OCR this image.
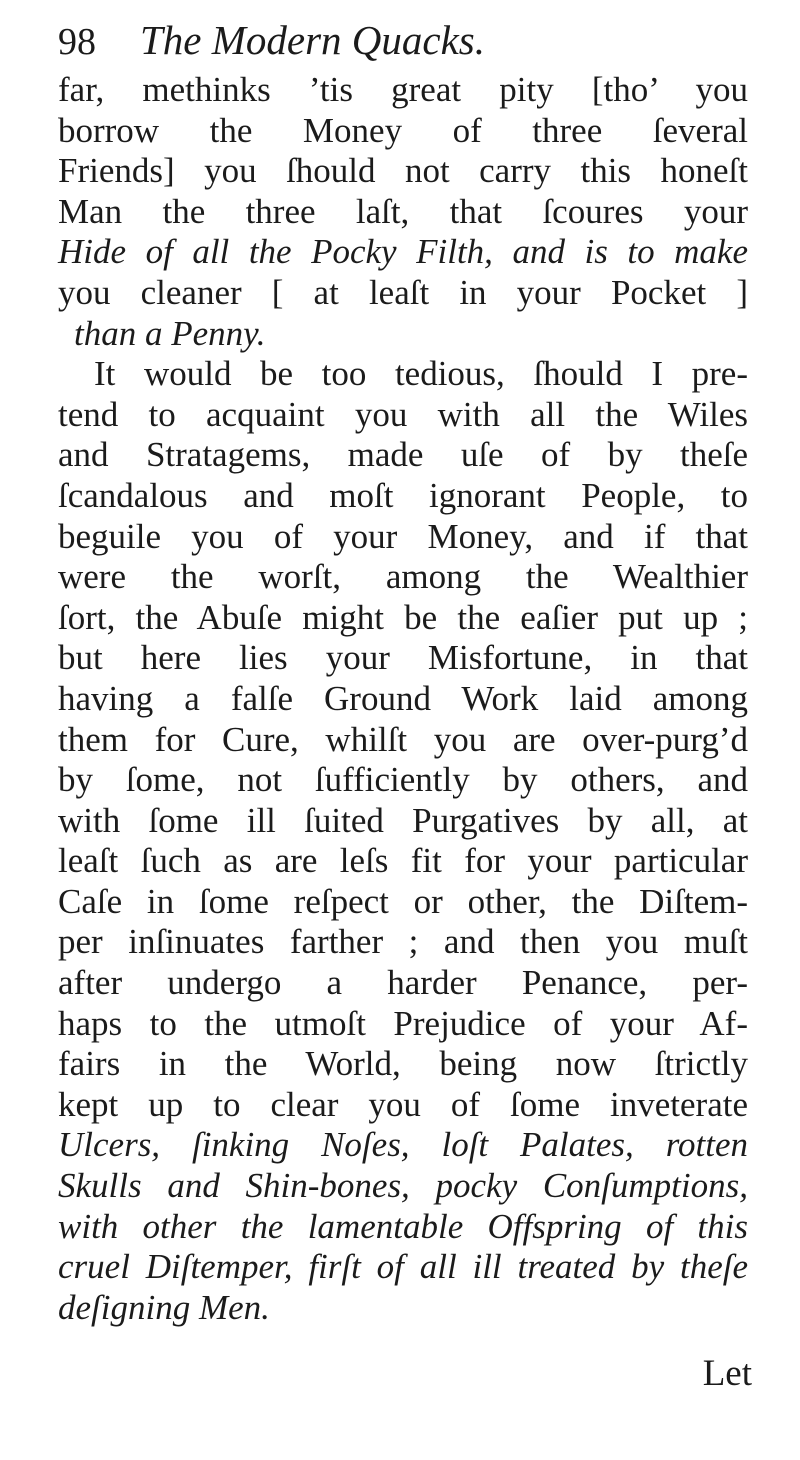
98 The Modern Quacks.
far, methinks ’tis great pity [tho’ you
borrow the Money of three ſeveral
Friends] you ſhould not carry this honeſt
Man the three laſt, that ſcoures your
Hide of all the Pocky Filth, and is to make
you cleaner [ at leaſt in your Pocket ]
than a Penny.
It would be too tedious, ſhould I pre-
tend to acquaint you with all the Wiles
and Stratagems, made uſe of by theſe
ſcandalous and moſt ignorant People, to
beguile you of your Money, and if that
were the worſt, among the Wealthier
ſort, the Abuſe might be the eaſier put up ;
but here lies your Misfortune, in that
having a falſe Ground Work laid among
them for Cure, whilſt you are over-purg’d
by ſome, not ſufficiently by others, and
with ſome ill ſuited Purgatives by all, at
leaſt ſuch as are leſs fit for your particular
Caſe in ſome reſpect or other, the Diſtem-
per inſinuates farther ; and then you muſt
after undergo a harder Penance, per-
haps to the utmoſt Prejudice of your Af-
fairs in the World, being now ſtrictly
kept up to clear you of ſome inveterate
Ulcers, ſinking Noſes, loſt Palates, rotten
Skulls and Shin-bones, pocky Conſumptions,
with other the lamentable Offspring of this
cruel Diſtemper, firſt of all ill treated by theſe
deſigning Men.
Let
